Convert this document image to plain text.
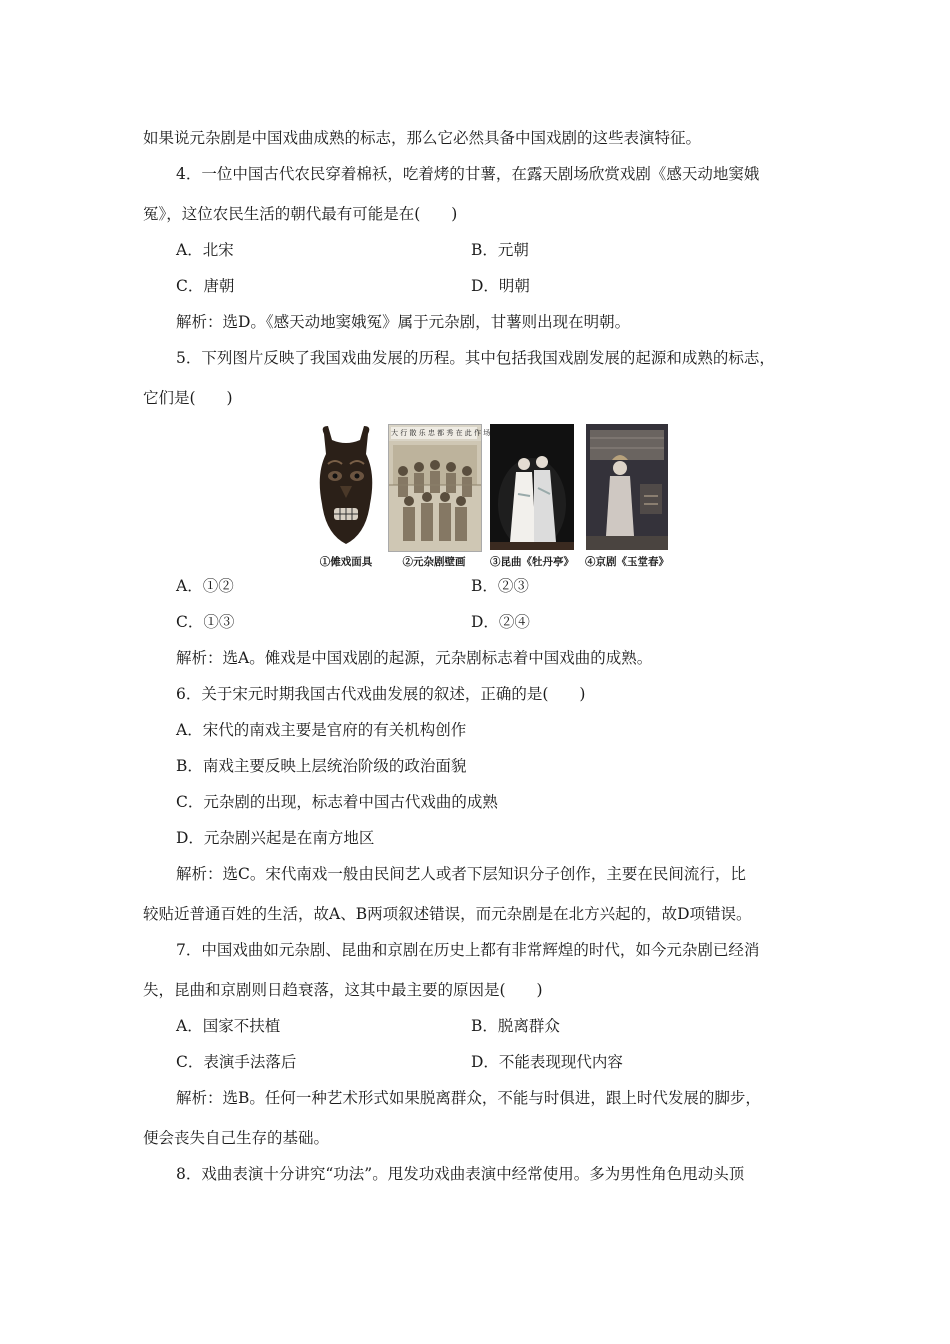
如果说元杂剧是中国戏曲成熟的标志，那么它必然具备中国戏剧的这些表演特征。
4．一位中国古代农民穿着棉袄，吃着烤的甘薯，在露天剧场欣赏戏剧《感天动地窦娥
冤》，这位农民生活的朝代最有可能是在(　　)
A．北宋	B．元朝
C．唐朝	D．明朝
解析：选D。《感天动地窦娥冤》属于元杂剧，甘薯则出现在明朝。
5．下列图片反映了我国戏曲发展的历程。其中包括我国戏剧发展的起源和成熟的标志，
它们是(　　)
①傩戏面具
大 行 散 乐 忠 都 秀 在 此 作 场
②元杂剧壁画	③昆曲《牡丹亭》	④京剧《玉堂春》
A．①②	B．②③
C．①③	D．②④
解析：选A。傩戏是中国戏剧的起源，元杂剧标志着中国戏曲的成熟。
6．关于宋元时期我国古代戏曲发展的叙述，正确的是(　　)
A．宋代的南戏主要是官府的有关机构创作
B．南戏主要反映上层统治阶级的政治面貌
C．元杂剧的出现，标志着中国古代戏曲的成熟
D．元杂剧兴起是在南方地区
解析：选C。宋代南戏一般由民间艺人或者下层知识分子创作，主要在民间流行，比
较贴近普通百姓的生活，故A、B两项叙述错误，而元杂剧是在北方兴起的，故D项错误。
7．中国戏曲如元杂剧、昆曲和京剧在历史上都有非常辉煌的时代，如今元杂剧已经消
失，昆曲和京剧则日趋衰落，这其中最主要的原因是(　　)
A．国家不扶植	B．脱离群众
C．表演手法落后	D．不能表现现代内容
解析：选B。任何一种艺术形式如果脱离群众，不能与时俱进，跟上时代发展的脚步，
便会丧失自己生存的基础。
8．戏曲表演十分讲究“功法”。甩发功戏曲表演中经常使用。多为男性角色甩动头顶
